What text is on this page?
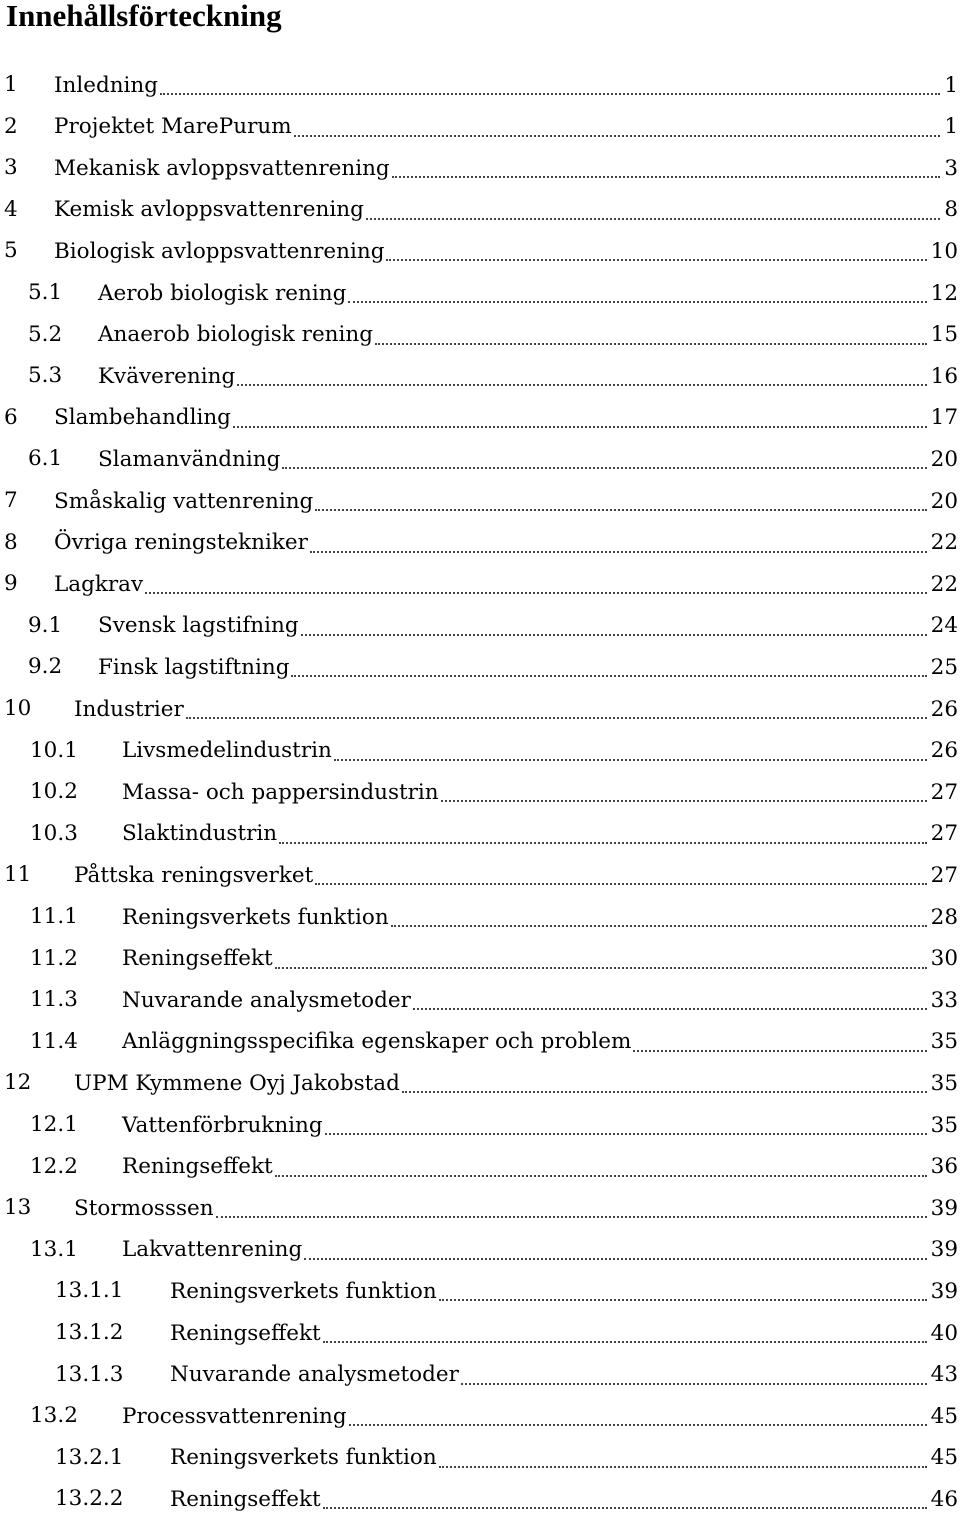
Innehållsförteckning
1 Inledning	1
2 Projektet MarePurum	1
3 Mekanisk avloppsvattenrening	3
4 Kemisk avloppsvattenrening	8
5 Biologisk avloppsvattenrening	10
5.1 Aerob biologisk rening	12
5.2 Anaerob biologisk rening	15
5.3 Kväverening	16
6 Slambehandling	17
6.1 Slamanvändning	20
7 Småskalig vattenrening	20
8 Övriga reningstekniker	22
9 Lagkrav	22
9.1 Svensk lagstifning	24
9.2 Finsk lagstiftning	25
10 Industrier	26
10.1 Livsmedelindustrin	26
10.2 Massa- och pappersindustrin	27
10.3 Slaktindustrin	27
11 Påttska reningsverket	27
11.1 Reningsverkets funktion	28
11.2 Reningseffekt	30
11.3 Nuvarande analysmetoder	33
11.4 Anläggningsspecifika egenskaper och problem	35
12 UPM Kymmene Oyj Jakobstad	35
12.1 Vattenförbrukning	35
12.2 Reningseffekt	36
13 Stormosssen	39
13.1 Lakvattenrening	39
13.1.1 Reningsverkets funktion	39
13.1.2 Reningseffekt	40
13.1.3 Nuvarande analysmetoder	43
13.2 Processvattenrening	45
13.2.1 Reningsverkets funktion	45
13.2.2 Reningseffekt	46
